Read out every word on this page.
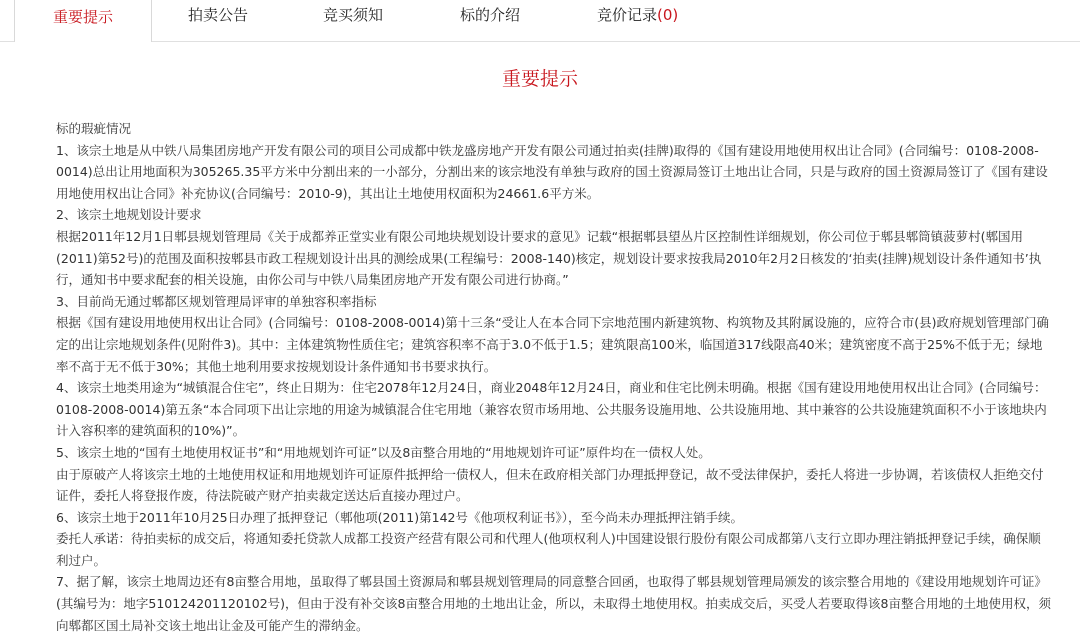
重要提示	拍卖公告	竞买须知	标的介绍	竞价记录(0)
重要提示

标的瑕疵情况

1、该宗土地是从中铁八局集团房地产开发有限公司的项目公司成都中铁龙盛房地产开发有限公司通过拍卖(挂牌)取得的《国有建设用地使用权出让合同》(合同编号：0108-2008-0014)总出让用地面积为305265.35平方米中分割出来的一小部分，分割出来的该宗地没有单独与政府的国土资源局签订土地出让合同，只是与政府的国土资源局签订了《国有建设用地使用权出让合同》补充协议(合同编号：2010-9)，其出让土地使用权面积为24661.6平方米。

2、该宗土地规划设计要求

根据2011年12月1日郫县规划管理局《关于成都养正堂实业有限公司地块规划设计要求的意见》记载“根据郫县望丛片区控制性详细规划，你公司位于郫县郫筒镇菠萝村(郫国用(2011)第52号)的范围及面积按郫县市政工程规划设计出具的测绘成果(工程编号：2008-140)核定，规划设计要求按我局2010年2月2日核发的‘拍卖(挂牌)规划设计条件通知书’执行，通知书中要求配套的相关设施，由你公司与中铁八局集团房地产开发有限公司进行协商。”

3、目前尚无通过郫都区规划管理局评审的单独容积率指标

根据《国有建设用地使用权出让合同》(合同编号：0108-2008-0014)第十三条“受让人在本合同下宗地范围内新建筑物、构筑物及其附属设施的，应符合市(县)政府规划管理部门确定的出让宗地规划条件(见附件3)。其中：主体建筑物性质住宅；建筑容积率不高于3.0不低于1.5；建筑限高100米，临国道317线限高40米；建筑密度不高于25%不低于无；绿地率不高于无不低于30%；其他土地利用要求按规划设计条件通知书书要求执行。

4、该宗土地类用途为“城镇混合住宅”，终止日期为：住宅2078年12月24日，商业2048年12月24日，商业和住宅比例未明确。根据《国有建设用地使用权出让合同》(合同编号：0108-2008-0014)第五条“本合同项下出让宗地的用途为城镇混合住宅用地（兼容农贸市场用地、公共服务设施用地、公共设施用地、其中兼容的公共设施建筑面积不小于该地块内计入容积率的建筑面积的10%)”。

5、该宗土地的“国有土地使用权证书”和“用地规划许可证”以及8亩整合用地的“用地规划许可证”原件均在一债权人处。

由于原破产人将该宗土地的土地使用权证和用地规划许可证原件抵押给一债权人，但未在政府相关部门办理抵押登记，故不受法律保护，委托人将进一步协调，若该债权人拒绝交付证件，委托人将登报作废，待法院破产财产拍卖裁定送达后直接办理过户。

6、该宗土地于2011年10月25日办理了抵押登记（郫他项(2011)第142号《他项权利证书》），至今尚未办理抵押注销手续。

委托人承诺：待拍卖标的成交后，将通知委托贷款人成都工投资产经营有限公司和代理人(他项权利人)中国建设银行股份有限公司成都第八支行立即办理注销抵押登记手续，确保顺利过户。

7、据了解，该宗土地周边还有8亩整合用地，虽取得了郫县国土资源局和郫县规划管理局的同意整合回函，也取得了郫县规划管理局颁发的该宗整合用地的《建设用地规划许可证》(其编号为：地字510124201120102号)，但由于没有补交该8亩整合用地的土地出让金，所以，未取得土地使用权。拍卖成交后，买受人若要取得该8亩整合用地的土地使用权，须向郫都区国土局补交该土地出让金及可能产生的滞纳金。
